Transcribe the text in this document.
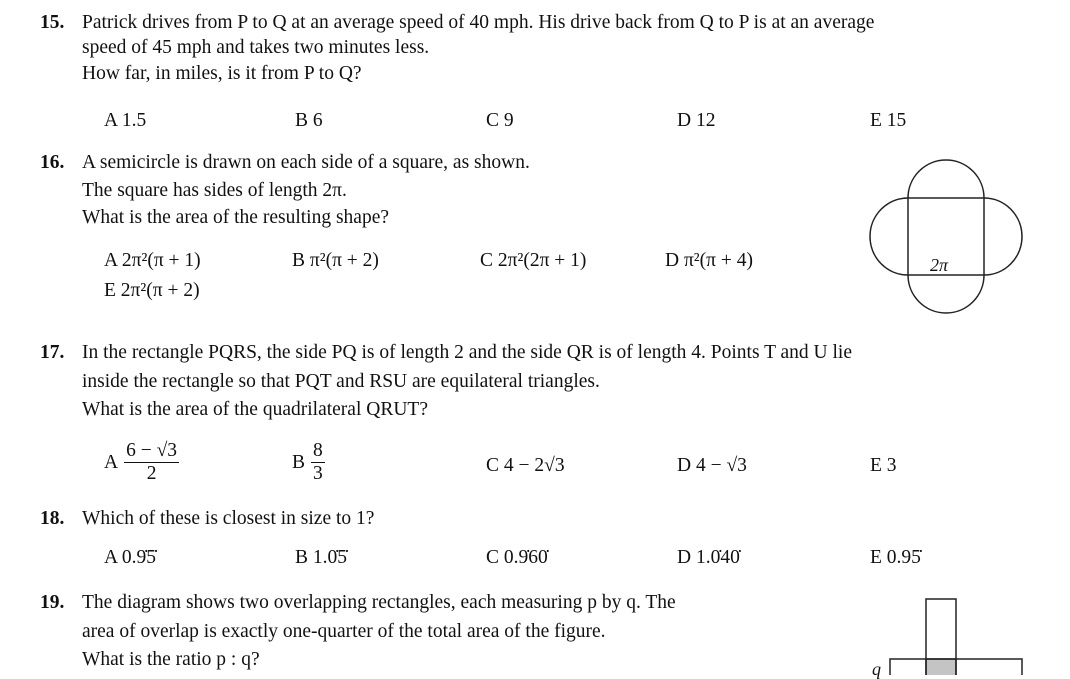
15. Patrick drives from P to Q at an average speed of 40 mph. His drive back from Q to P is at an average
speed of 45 mph and takes two minutes less.
How far, in miles, is it from P to Q?
A 1.5	B 6	C 9	D 12	E 15
16. A semicircle is drawn on each side of a square, as shown.
The square has sides of length 2π.
What is the area of the resulting shape?
A 2π²(π + 1)	B π²(π + 2)	C 2π²(2π + 1)	D π²(π + 4)
E 2π²(π + 2)
2π
17. In the rectangle PQRS, the side PQ is of length 2 and the side QR is of length 4. Points T and U lie
inside the rectangle so that PQT and RSU are equilateral triangles.
What is the area of the quadrilateral QRUT?
A $\frac{6 - √3}{2}$	B $\frac{8}{3}$	C 4 − 2√3	D 4 − √3	E 3
18. Which of these is closest in size to 1?
A 0.9̇5̇	B 1.0̇5̇	C 0.9̇60̇	D 1.0̇40̇	E 0.95̇
19. The diagram shows two overlapping rectangles, each measuring p by q. The
area of overlap is exactly one-quarter of the total area of the figure.
What is the ratio p : q?	q
